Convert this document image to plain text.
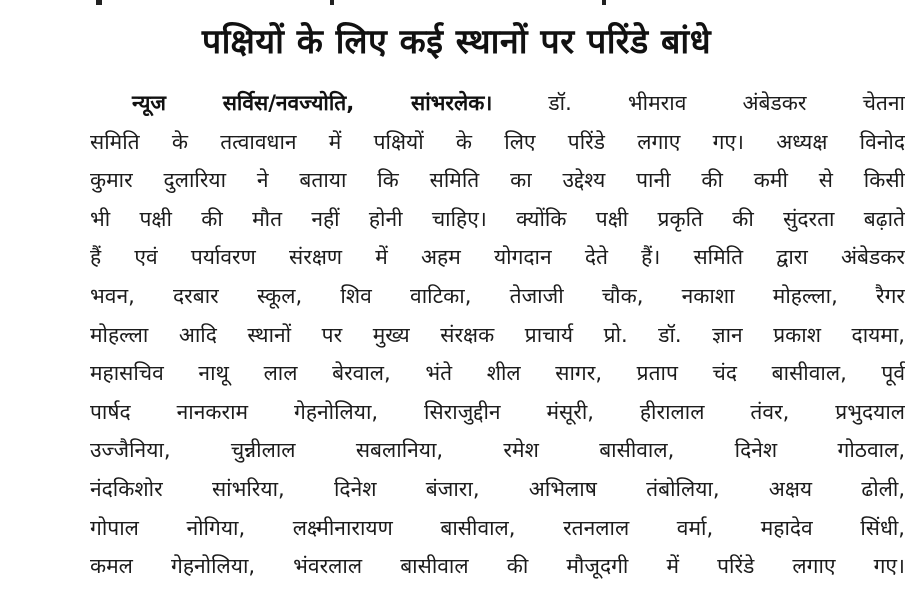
पक्षियों के लिए कई स्थानों पर परिंडे बांधे
न्यूज सर्विस/नवज्योति, सांभरलेक। डॉ. भीमराव अंबेडकर चेतना
समिति के तत्वावधान में पक्षियों के लिए परिंडे लगाए गए। अध्यक्ष विनोद
कुमार दुलारिया ने बताया कि समिति का उद्देश्य पानी की कमी से किसी
भी पक्षी की मौत नहीं होनी चाहिए। क्योंकि पक्षी प्रकृति की सुंदरता बढ़ाते
हैं एवं पर्यावरण संरक्षण में अहम योगदान देते हैं। समिति द्वारा अंबेडकर
भवन, दरबार स्कूल, शिव वाटिका, तेजाजी चौक, नकाशा मोहल्ला, रैगर
मोहल्ला आदि स्थानों पर मुख्य संरक्षक प्राचार्य प्रो. डॉ. ज्ञान प्रकाश दायमा,
महासचिव नाथू लाल बेरवाल, भंते शील सागर, प्रताप चंद बासीवाल, पूर्व
पार्षद नानकराम गेहनोलिया, सिराजुद्दीन मंसूरी, हीरालाल तंवर, प्रभुदयाल
उज्जैनिया, चुन्नीलाल सबलानिया, रमेश बासीवाल, दिनेश गोठवाल,
नंदकिशोर सांभरिया, दिनेश बंजारा, अभिलाष तंबोलिया, अक्षय ढोली,
गोपाल नोगिया, लक्ष्मीनारायण बासीवाल, रतनलाल वर्मा, महादेव सिंधी,
कमल गेहनोलिया, भंवरलाल बासीवाल की मौजूदगी में परिंडे लगाए गए।
